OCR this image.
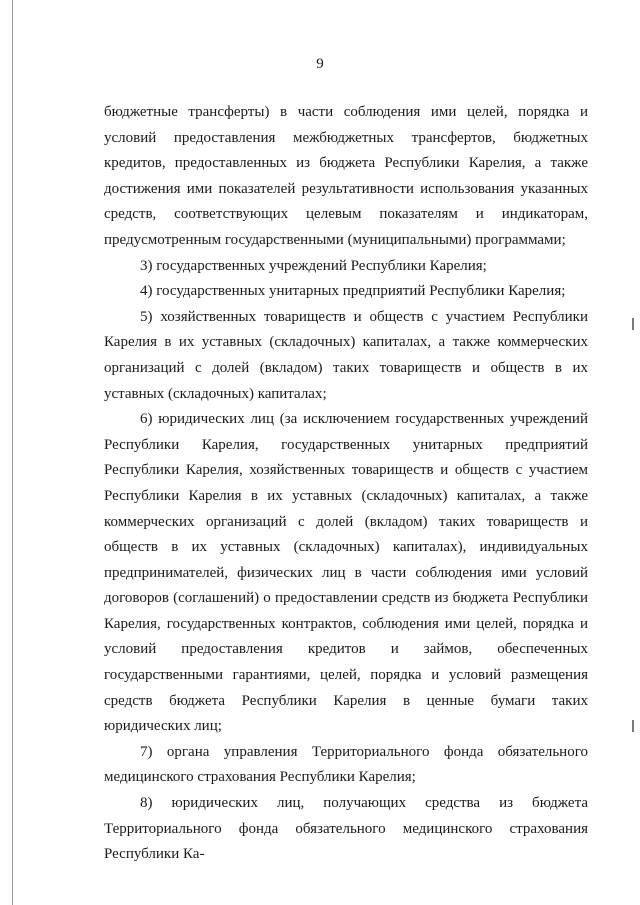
9

бюджетные трансферты) в части соблюдения ими целей, порядка и условий предоставления межбюджетных трансфертов, бюджетных кредитов, предоставленных из бюджета Республики Карелия, а также достижения ими показателей результативности использования указанных средств, соответствующих целевым показателям и индикаторам, предусмотренным государственными (муниципальными) программами;

3) государственных учреждений Республики Карелия;

4) государственных унитарных предприятий Республики Карелия;

5) хозяйственных товариществ и обществ с участием Республики Карелия в их уставных (складочных) капиталах, а также коммерческих организаций с долей (вкладом) таких товариществ и обществ в их уставных (складочных) капиталах;

6) юридических лиц (за исключением государственных учреждений Республики Карелия, государственных унитарных предприятий Республики Карелия, хозяйственных товариществ и обществ с участием Республики Карелия в их уставных (складочных) капиталах, а также коммерческих организаций с долей (вкладом) таких товариществ и обществ в их уставных (складочных) капиталах), индивидуальных предпринимателей, физических лиц в части соблюдения ими условий договоров (соглашений) о предоставлении средств из бюджета Республики Карелия, государственных контрактов, соблюдения ими целей, порядка и условий предоставления кредитов и займов, обеспеченных государственными гарантиями, целей, порядка и условий размещения средств бюджета Республики Карелия в ценные бумаги таких юридических лиц;

7) органа управления Территориального фонда обязательного медицинского страхования Республики Карелия;

8) юридических лиц, получающих средства из бюджета Территориального фонда обязательного медицинского страхования Республики Ка-
